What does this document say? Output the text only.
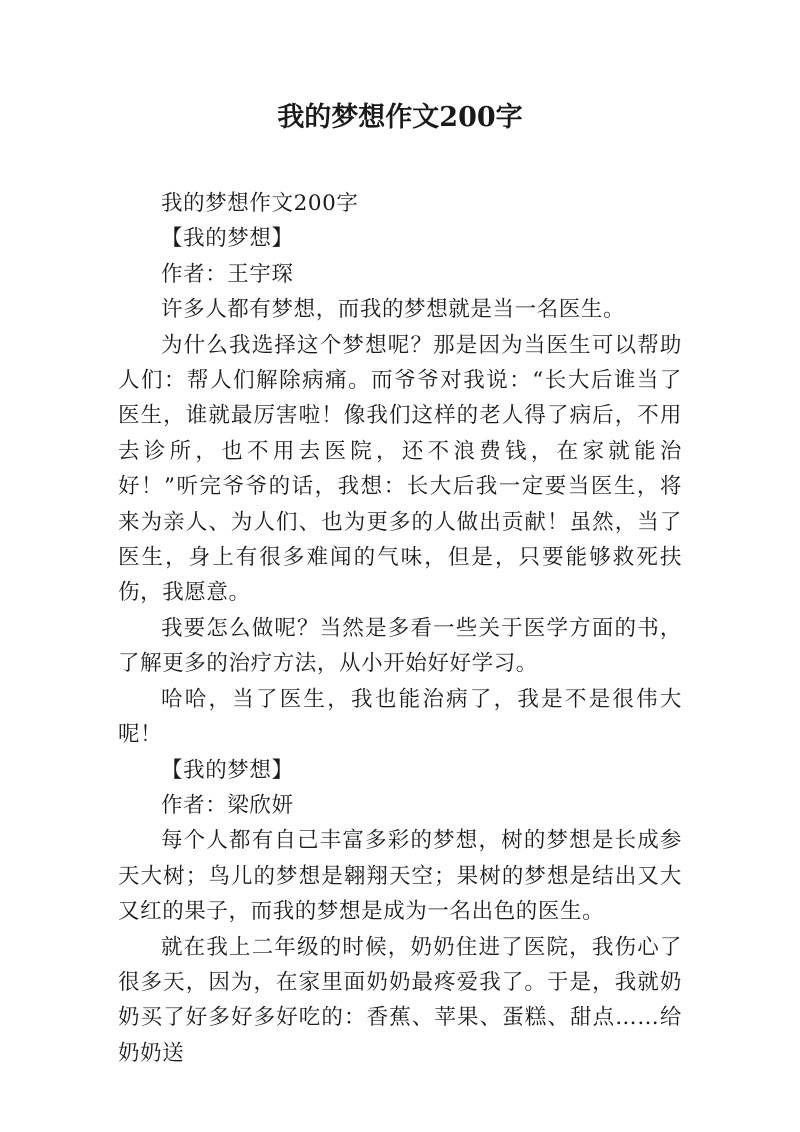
我的梦想作文200字

我的梦想作文200字

【我的梦想】

作者：王宇琛

许多人都有梦想，而我的梦想就是当一名医生。

为什么我选择这个梦想呢？那是因为当医生可以帮助人们：帮人们解除病痛。而爷爷对我说：“长大后谁当了医生，谁就最厉害啦！像我们这样的老人得了病后，不用去诊所，也不用去医院，还不浪费钱，在家就能治好！”听完爷爷的话，我想：长大后我一定要当医生，将来为亲人、为人们、也为更多的人做出贡献！虽然，当了医生，身上有很多难闻的气味，但是，只要能够救死扶伤，我愿意。

我要怎么做呢？当然是多看一些关于医学方面的书，了解更多的治疗方法，从小开始好好学习。

哈哈，当了医生，我也能治病了，我是不是很伟大呢！

【我的梦想】

作者：梁欣妍

每个人都有自己丰富多彩的梦想，树的梦想是长成参天大树；鸟儿的梦想是翱翔天空；果树的梦想是结出又大又红的果子，而我的梦想是成为一名出色的医生。

就在我上二年级的时候，奶奶住进了医院，我伤心了很多天，因为，在家里面奶奶最疼爱我了。于是，我就奶奶买了好多好多好吃的：香蕉、苹果、蛋糕、甜点……给奶奶送
